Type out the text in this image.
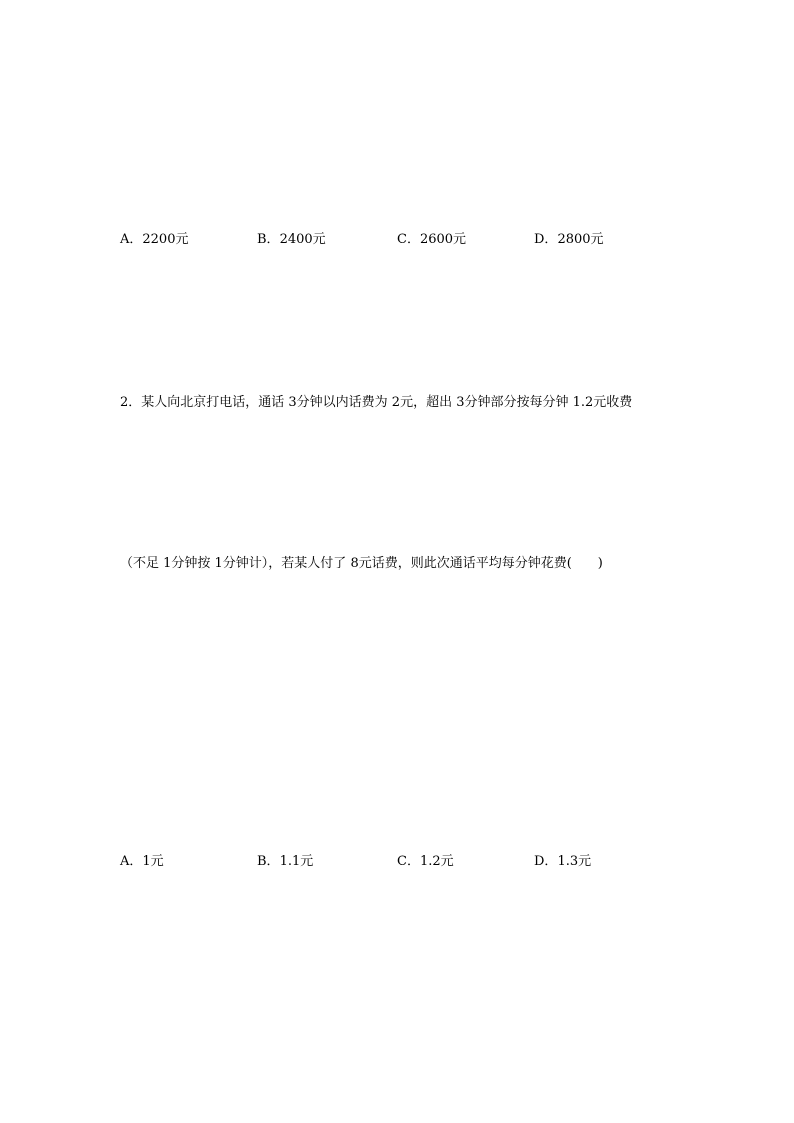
A．2200元	B．2400元	C．2600元	D．2800元
2．某人向北京打电话，通话 3分钟以内话费为 2元，超出 3分钟部分按每分钟 1.2元收费
（不足 1分钟按 1分钟计），若某人付了 8元话费，则此次通话平均每分钟花费(　　)
A．1元	B．1.1元	C．1.2元	D．1.3元
